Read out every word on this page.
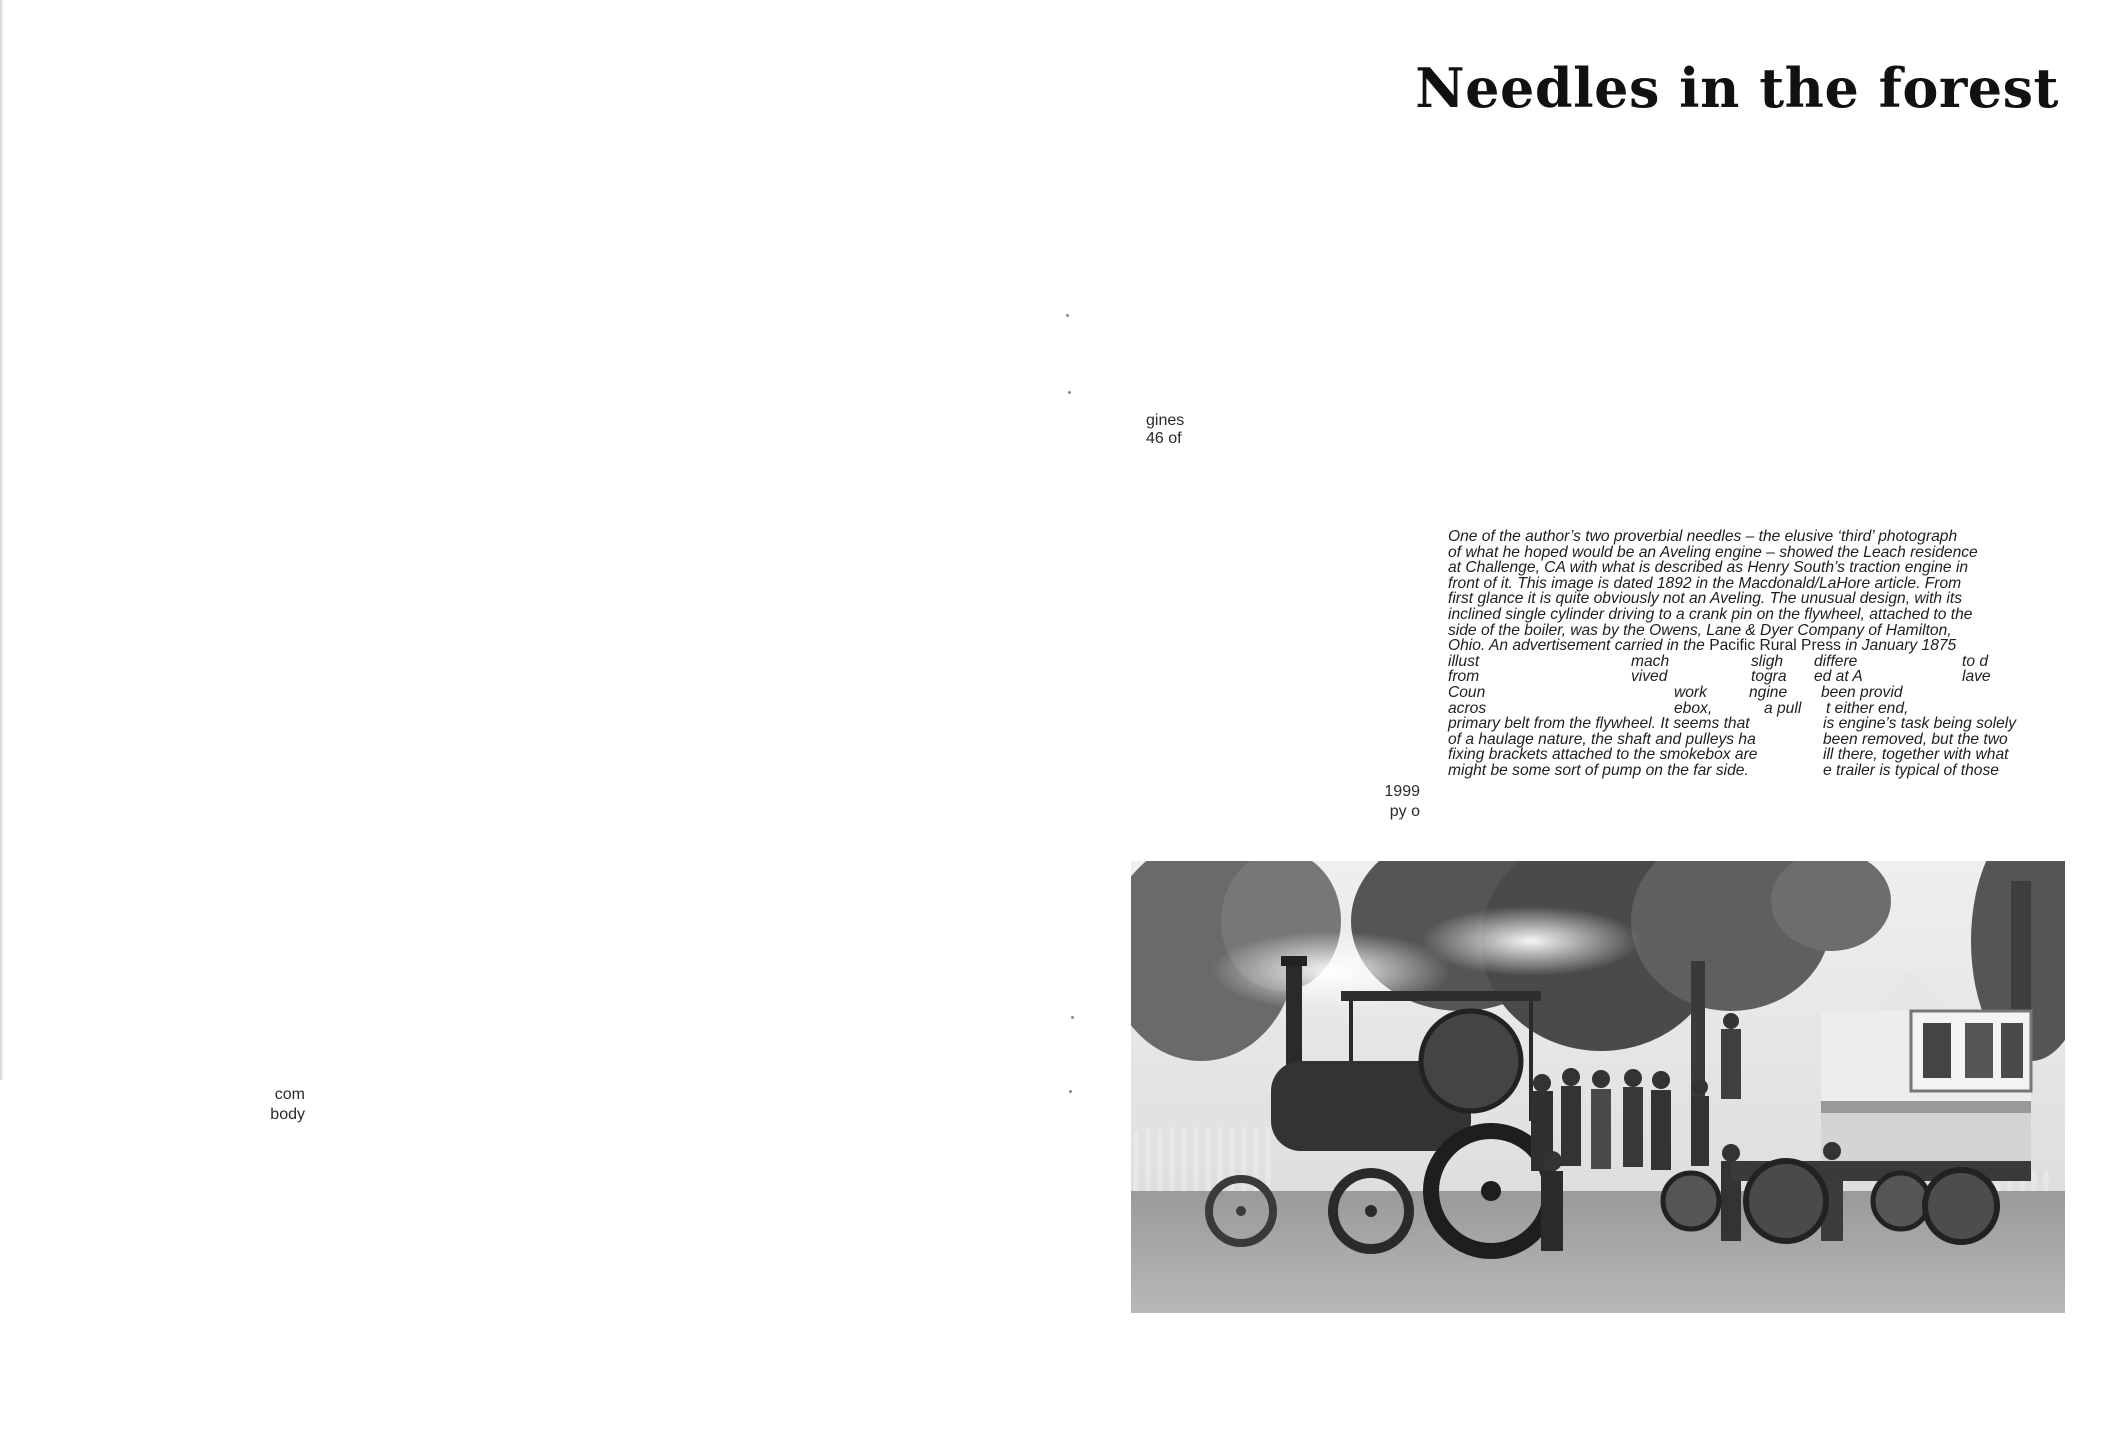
com

body

gines

46 of

1999

py o

Needles in the forest
One of the author’s two proverbial needles – the elusive ‘third’ photograph
of what he hoped would be an Aveling engine – showed the Leach residence
at Challenge, CA with what is described as Henry South’s traction engine in
front of it. This image is dated 1892 in the Macdonald/LaHore article. From
first glance it is quite obviously not an Aveling. The unusual design, with its
inclined single cylinder driving to a crank pin on the flywheel, attached to the
side of the boiler, was by the Owens, Lane & Dyer Company of Hamilton,
Ohio. An advertisement carried in the Pacific Rural Press in January 1875
illust	mach	sligh differe	to d
from	vived	togra ed at A	lave
Coun	work	ngine been provid
acros	ebox,	a pull t either end,
primary belt from the flywheel. It seems that	is engine’s task being solely
of a haulage nature, the shaft and pulleys ha	been removed, but the two
fixing brackets attached to the smokebox are	ill there, together with what
might be some sort of pump on the far side.	e trailer is typical of those
